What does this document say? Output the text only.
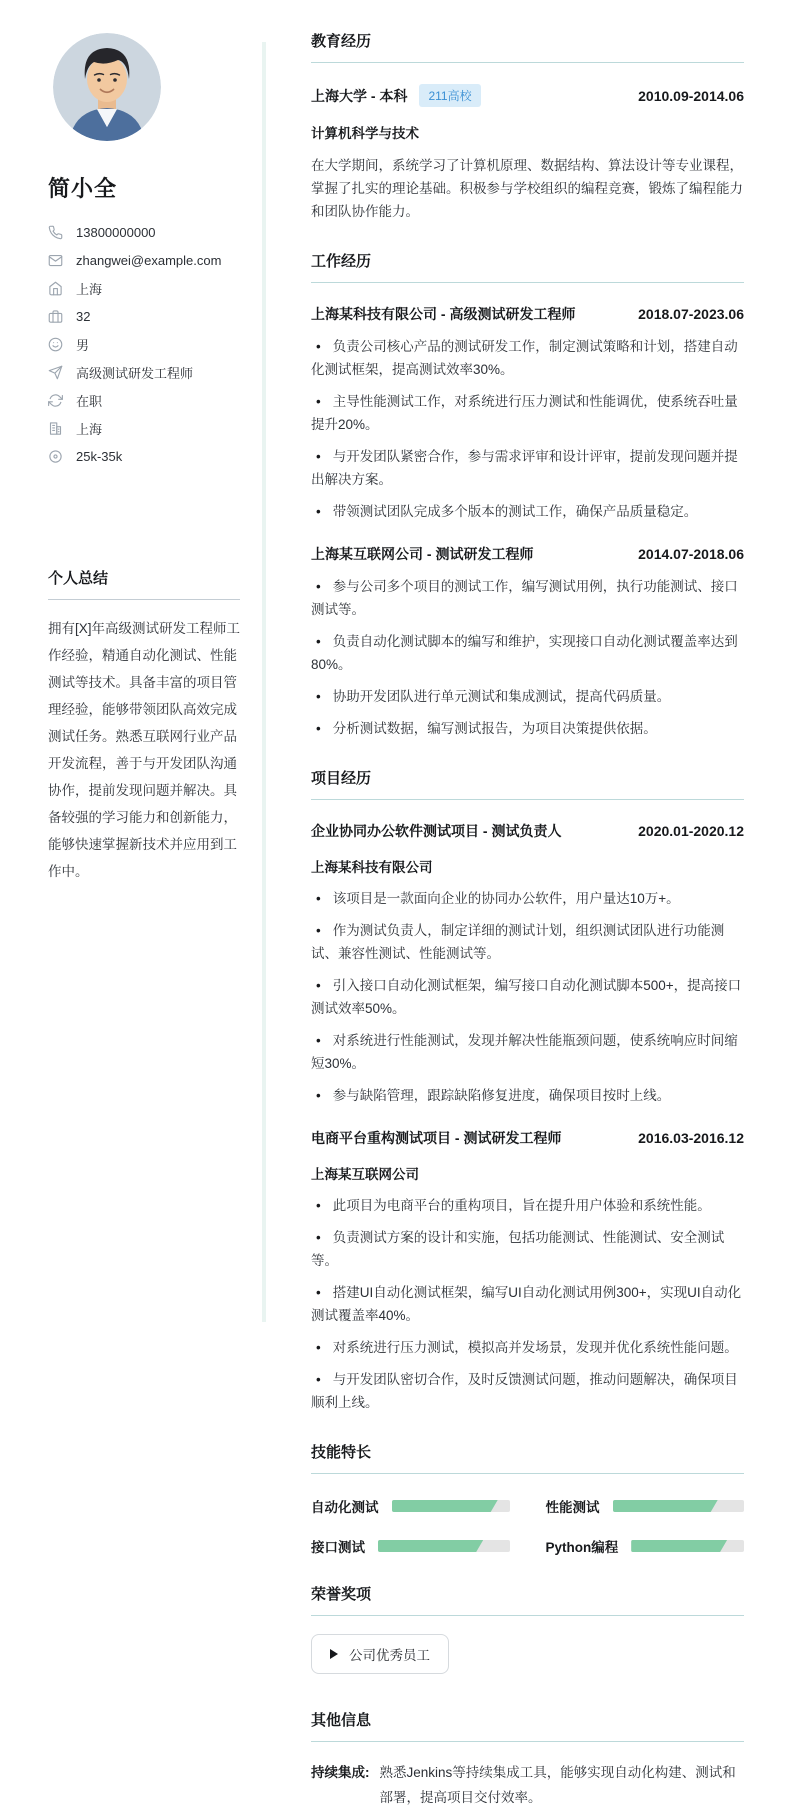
简小全
13800000000
zhangwei@example.com
上海
32
男
高级测试研发工程师
在职
上海
25k-35k
个人总结

拥有[X]年高级测试研发工程师工作经验，精通自动化测试、性能测试等技术。具备丰富的项目管理经验，能够带领团队高效完成测试任务。熟悉互联网行业产品开发流程，善于与开发团队沟通协作，提前发现问题并解决。具备较强的学习能力和创新能力，能够快速掌握新技术并应用到工作中。

教育经历
上海大学 - 本科	211高校	2010.09-2014.06
计算机科学与技术

在大学期间，系统学习了计算机原理、数据结构、算法设计等专业课程，掌握了扎实的理论基础。积极参与学校组织的编程竞赛，锻炼了编程能力和团队协作能力。

工作经历
上海某科技有限公司 - 高级测试研发工程师	2018.07-2023.06

• 负责公司核心产品的测试研发工作，制定测试策略和计划，搭建自动化测试框架，提高测试效率30%。

• 主导性能测试工作，对系统进行压力测试和性能调优，使系统吞吐量提升20%。

• 与开发团队紧密合作，参与需求评审和设计评审，提前发现问题并提出解决方案。

• 带领测试团队完成多个版本的测试工作，确保产品质量稳定。

上海某互联网公司 - 测试研发工程师	2014.07-2018.06

• 参与公司多个项目的测试工作，编写测试用例，执行功能测试、接口测试等。

• 负责自动化测试脚本的编写和维护，实现接口自动化测试覆盖率达到80%。

• 协助开发团队进行单元测试和集成测试，提高代码质量。

• 分析测试数据，编写测试报告，为项目决策提供依据。

项目经历
企业协同办公软件测试项目 - 测试负责人	2020.01-2020.12
上海某科技有限公司

• 该项目是一款面向企业的协同办公软件，用户量达10万+。

• 作为测试负责人，制定详细的测试计划，组织测试团队进行功能测试、兼容性测试、性能测试等。

• 引入接口自动化测试框架，编写接口自动化测试脚本500+，提高接口测试效率50%。

• 对系统进行性能测试，发现并解决性能瓶颈问题，使系统响应时间缩短30%。

• 参与缺陷管理，跟踪缺陷修复进度，确保项目按时上线。

电商平台重构测试项目 - 测试研发工程师	2016.03-2016.12
上海某互联网公司

• 此项目为电商平台的重构项目，旨在提升用户体验和系统性能。

• 负责测试方案的设计和实施，包括功能测试、性能测试、安全测试等。

• 搭建UI自动化测试框架，编写UI自动化测试用例300+，实现UI自动化测试覆盖率40%。

• 对系统进行压力测试，模拟高并发场景，发现并优化系统性能问题。

• 与开发团队密切合作，及时反馈测试问题，推动问题解决，确保项目顺利上线。

技能特长
自动化测试	性能测试
接口测试	Python编程
荣誉奖项
公司优秀员工
其他信息
持续集成: 熟悉Jenkins等持续集成工具，能够实现自动化构建、测试和部署，提高项目交付效率。
